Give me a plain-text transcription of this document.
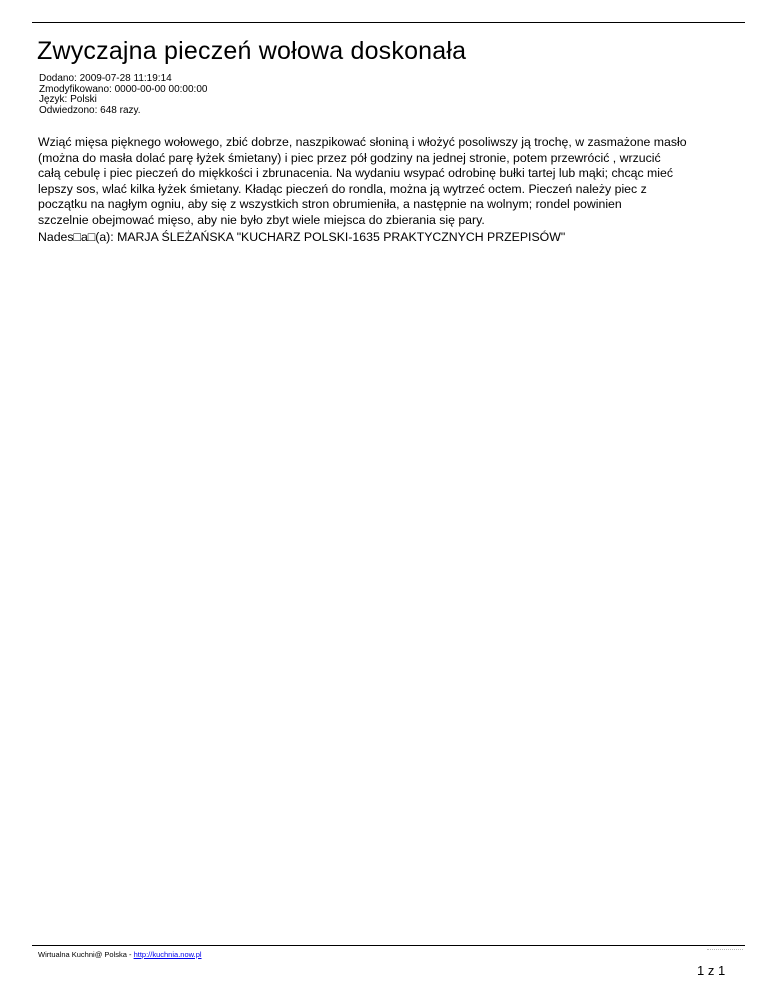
Zwyczajna pieczeń wołowa doskonała
Dodano: 2009-07-28 11:19:14
Zmodyfikowano: 0000-00-00 00:00:00
Język: Polski
Odwiedzono: 648 razy.
Wziąć mięsa pięknego wołowego, zbić dobrze, naszpikować słoniną i włożyć posoliwszy ją trochę, w zasmażone masło
(można do masła dolać parę łyżek śmietany) i piec przez pół godziny na jednej stronie, potem przewrócić , wrzucić
całą cebulę i piec pieczeń do miękkości i zbrunacenia. Na wydaniu wsypać odrobinę bułki tartej lub mąki; chcąc mieć
lepszy sos, wlać kilka łyżek śmietany. Kładąc pieczeń do rondla, można ją wytrzeć octem. Pieczeń należy piec z
początku na nagłym ogniu, aby się z wszystkich stron obrumieniła, a następnie na wolnym; rondel powinien
szczelnie obejmować mięso, aby nie było zbyt wiele miejsca do zbierania się pary.
Nades□a□(a): MARJA ŚLEŻAŃSKA "KUCHARZ POLSKI-1635 PRAKTYCZNYCH PRZEPISÓW"
Wirtualna Kuchni@ Polska - http://kuchnia.now.pl
1 z 1
